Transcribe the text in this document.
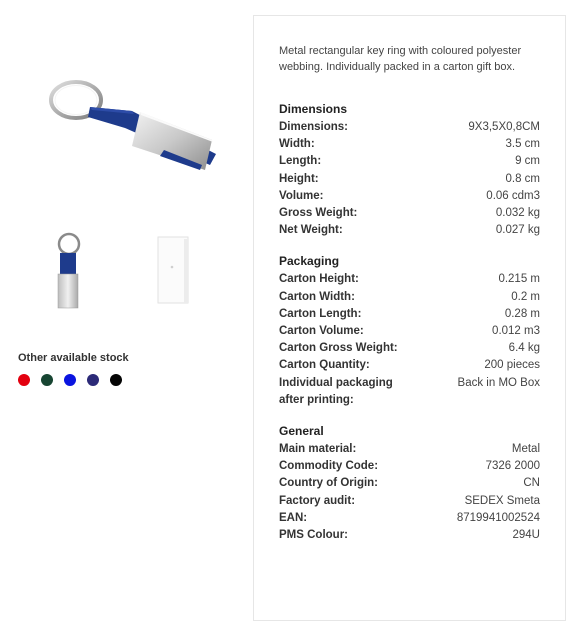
Other available stock

Metal rectangular key ring with coloured polyester webbing. Individually packed in a carton gift box.

Dimensions
Dimensions:	9X3,5X0,8CM
Width:	3.5 cm
Length:	9 cm
Height:	0.8 cm
Volume:	0.06 cdm3
Gross Weight:	0.032 kg
Net Weight:	0.027 kg
Packaging
Carton Height:	0.215 m
Carton Width:	0.2 m
Carton Length:	0.28 m
Carton Volume:	0.012 m3
Carton Gross Weight:	6.4 kg
Carton Quantity:	200 pieces
Individual packaging after printing:
Back in MO Box
General
Main material:	Metal
Commodity Code:	7326 2000
Country of Origin:	CN
Factory audit:	SEDEX Smeta
EAN:	8719941002524
PMS Colour:	294U
